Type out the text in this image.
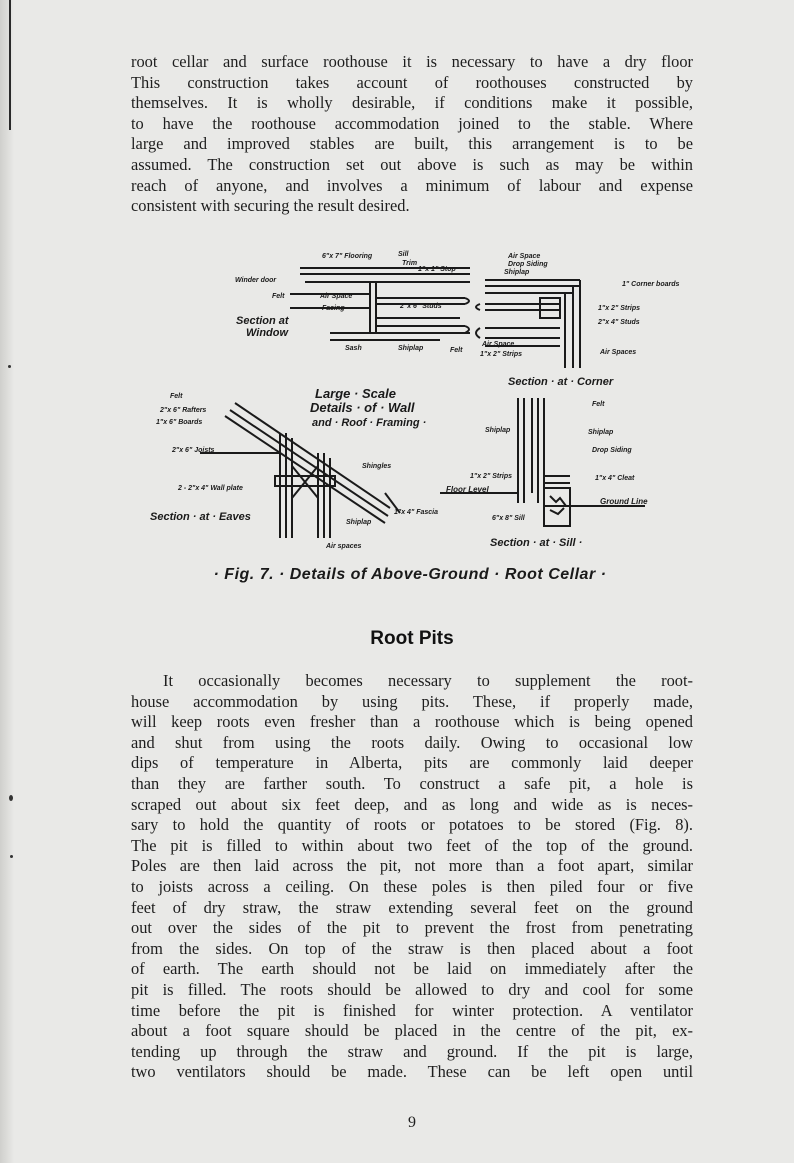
root cellar and surface roothouse it is necessary to have a dry floor
This construction takes account of roothouses constructed by
themselves. It is wholly desirable, if conditions make it possible,
to have the roothouse accommodation joined to the stable. Where
large and improved stables are built, this arrangement is to be
assumed. The construction set out above is such as may be within
reach of anyone, and involves a minimum of labour and expense
consistent with securing the result desired.

Large · Scale
Details · of · Wall
and · Roof · Framing ·
Section at
Window
Section · at · Corner
Section · at · Eaves
Section · at · Sill ·
6"x 7" Flooring	Sill
Trim
1"x 1" Stop
Winder door
Felt	Air Space
Facing	2"x 6" Studs
Sash	Shiplap	Felt
Air Space
Drop Siding
Shiplap
1" Corner boards
1"x 2" Strips
2"x 4" Studs
Air Spaces
Air Space
1"x 2" Strips
Felt
2"x 6" Rafters
1"x 6" Boards
2"x 6" Joists
2 - 2"x 4" Wall plate
Shingles
Shiplap
1"x 4" Fascia
Air spaces
Felt
Shiplap	Shiplap
Drop Siding
1"x 4" Cleat
1"x 2" Strips
Floor Level
Ground Line
6"x 8" Sill
· Fig. 7. · Details of Above-Ground · Root Cellar ·
Root Pits

It occasionally becomes necessary to supplement the root-
house accommodation by using pits. These, if properly made,
will keep roots even fresher than a roothouse which is being opened
and shut from using the roots daily. Owing to occasional low
dips of temperature in Alberta, pits are commonly laid deeper
than they are farther south. To construct a safe pit, a hole is
scraped out about six feet deep, and as long and wide as is neces-
sary to hold the quantity of roots or potatoes to be stored (Fig. 8).
The pit is filled to within about two feet of the top of the ground.
Poles are then laid across the pit, not more than a foot apart, similar
to joists across a ceiling. On these poles is then piled four or five
feet of dry straw, the straw extending several feet on the ground
out over the sides of the pit to prevent the frost from penetrating
from the sides. On top of the straw is then placed about a foot
of earth. The earth should not be laid on immediately after the
pit is filled. The roots should be allowed to dry and cool for some
time before the pit is finished for winter protection. A ventilator
about a foot square should be placed in the centre of the pit, ex-
tending up through the straw and ground. If the pit is large,
two ventilators should be made. These can be left open until

9
